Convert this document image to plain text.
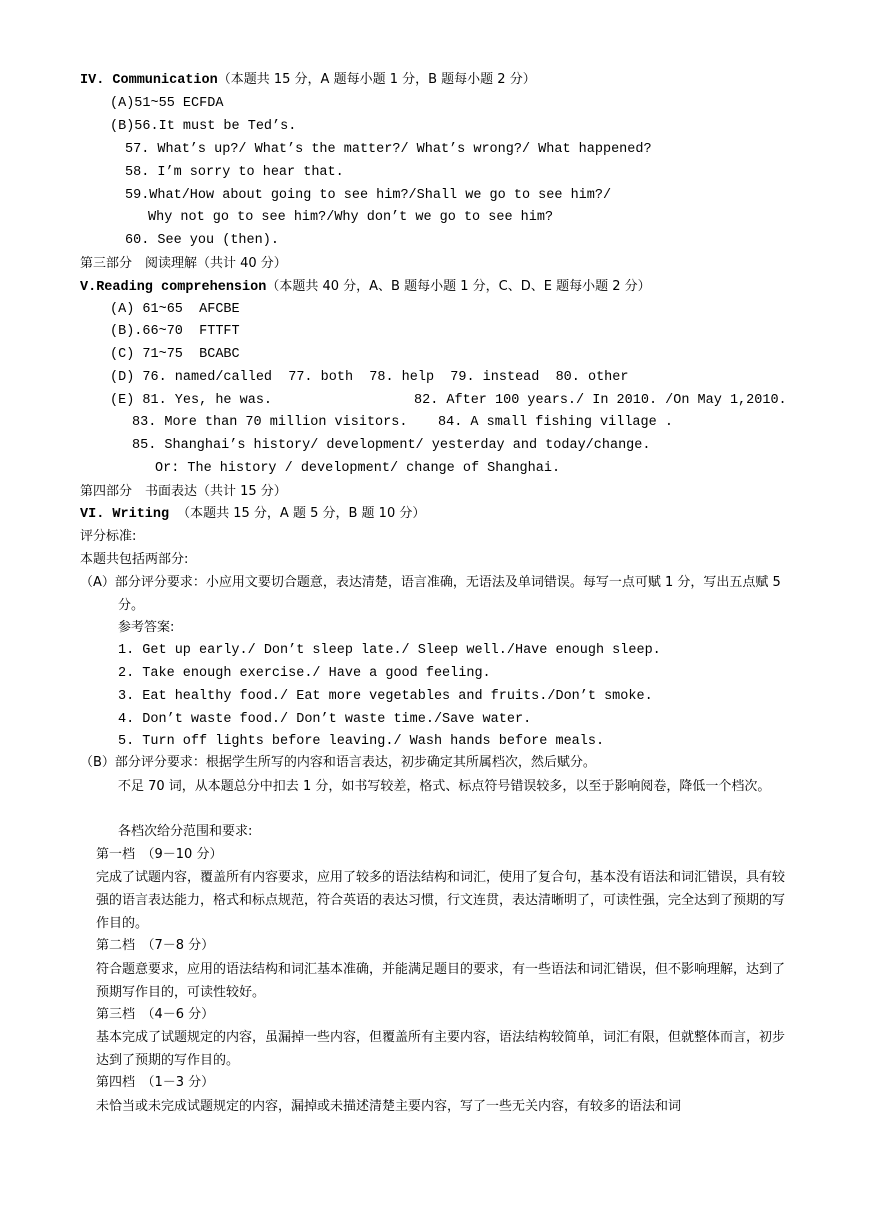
IV. Communication（本题共 15 分，A 题每小题 1 分，B 题每小题 2 分）
(A)51~55 ECFDA
(B)56.It must be Ted’s.
57. What’s up?/ What’s the matter?/ What’s wrong?/ What happened?
58. I’m sorry to hear that.
59.What/How about going to see him?/Shall we go to see him?/
Why not go to see him?/Why don’t we go to see him?
60. See you (then).
第三部分　阅读理解（共计 40 分）
V.Reading comprehension（本题共 40 分，A、B 题每小题 1 分，C、D、E 题每小题 2 分）
(A) 61~65  AFCBE
(B).66~70  FTTFT
(C) 71~75  BCABC
(D) 76. named/called  77. both  78. help  79. instead  80. other
(E) 81. Yes, he was.	82. After 100 years./ In 2010. /On May 1,2010.
83. More than 70 million visitors. 84. A small fishing village .
85. Shanghai’s history/ development/ yesterday and today/change.
Or: The history / development/ change of Shanghai.
第四部分　书面表达（共计 15 分）
VI. Writing （本题共 15 分，A 题 5 分，B 题 10 分）
评分标准:
本题共包括两部分:
（A）部分评分要求：小应用文要切合题意，表达清楚，语言准确，无语法及单词错误。每写一点可赋 1 分，写出五点赋 5 分。
参考答案:
1. Get up early./ Don’t sleep late./ Sleep well./Have enough sleep.
2. Take enough exercise./ Have a good feeling.
3. Eat healthy food./ Eat more vegetables and fruits./Don’t smoke.
4. Don’t waste food./ Don’t waste time./Save water.
5. Turn off lights before leaving./ Wash hands before meals.
（B）部分评分要求：根据学生所写的内容和语言表达，初步确定其所属档次，然后赋分。
不足 70 词，从本题总分中扣去 1 分，如书写较差，格式、标点符号错误较多，以至于影响阅卷，降低一个档次。
各档次给分范围和要求:
第一档　（9－10 分）
完成了试题内容，覆盖所有内容要求，应用了较多的语法结构和词汇，使用了复合句，基本没有语法和词汇错误，具有较强的语言表达能力，格式和标点规范，符合英语的表达习惯，行文连贯，表达清晰明了，可读性强，完全达到了预期的写作目的。
第二档　（7－8 分）
符合题意要求，应用的语法结构和词汇基本准确，并能满足题目的要求，有一些语法和词汇错误，但不影响理解，达到了预期写作目的，可读性较好。
第三档　（4－6 分）
基本完成了试题规定的内容，虽漏掉一些内容，但覆盖所有主要内容，语法结构较简单，词汇有限，但就整体而言，初步达到了预期的写作目的。
第四档　（1－3 分）
未恰当或未完成试题规定的内容，漏掉或未描述清楚主要内容，写了一些无关内容，有较多的语法和词
